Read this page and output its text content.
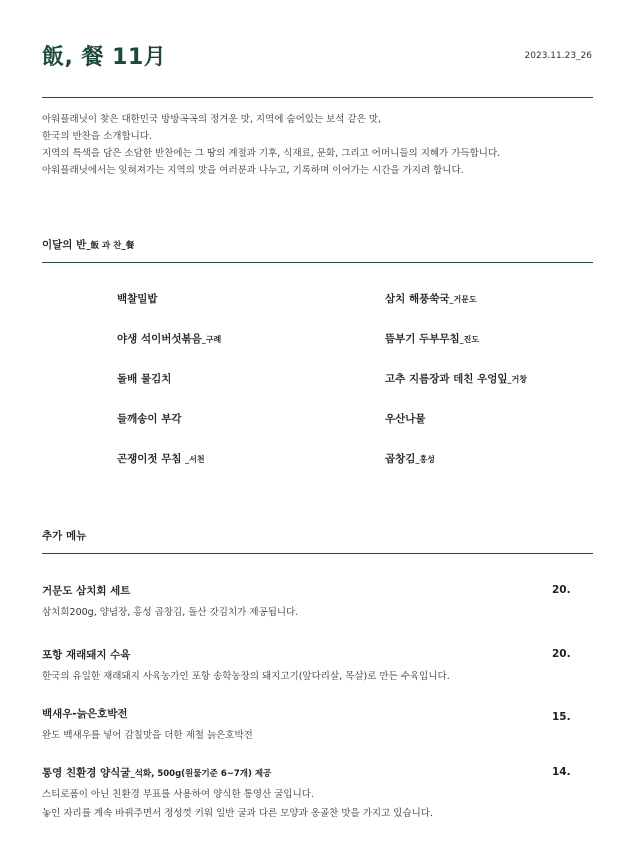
飯, 餐 11月	2023.11.23_26

아워플래닛이 찾은 대한민국 방방곡곡의 정겨운 맛, 지역에 숨어있는 보석 같은 맛,

한국의 반찬을 소개합니다.

지역의 특색을 담은 소담한 반찬에는 그 땅의 계절과 기후, 식재료, 문화, 그리고 어머니들의 지혜가 가득합니다.

아워플래닛에서는 잊혀져가는 지역의 맛을 여러분과 나누고, 기록하며 이어가는 시간을 가지려 합니다.

이달의 반_飯 과 찬_餐
백찰밀밥
야생 석이버섯볶음_구례
돌배 물김치
들깨송이 부각
곤쟁이젓 무침 _서천
삼치 해풍쑥국_거문도
뜸부기 두부무침_진도
고추 지름장과 데친 우엉잎_거창
우산나물
곱창김_홍성
추가 메뉴
거문도 삼치회 세트

삼치회200g, 양념장, 홍성 곱창김, 돌산 갓김치가 제공됩니다.

20.
포항 재래돼지 수육

한국의 유일한 재래돼지 사육농가인 포항 송학농장의 돼지고기(앞다리살, 목살)로 만든 수육입니다.

20.
백새우-늙은호박전

완도 백새우를 넣어 감칠맛을 더한 제철 늙은호박전

15.
통영 친환경 양식굴_석화, 500g(원물기준 6~7개) 제공

스티로폼이 아닌 친환경 부표를 사용하여 양식한 통영산 굴입니다.

놓인 자리를 계속 바꿔주면서 정성껏 키워 일반 굴과 다른 모양과 옹골찬 맛을 가지고 있습니다.

14.
